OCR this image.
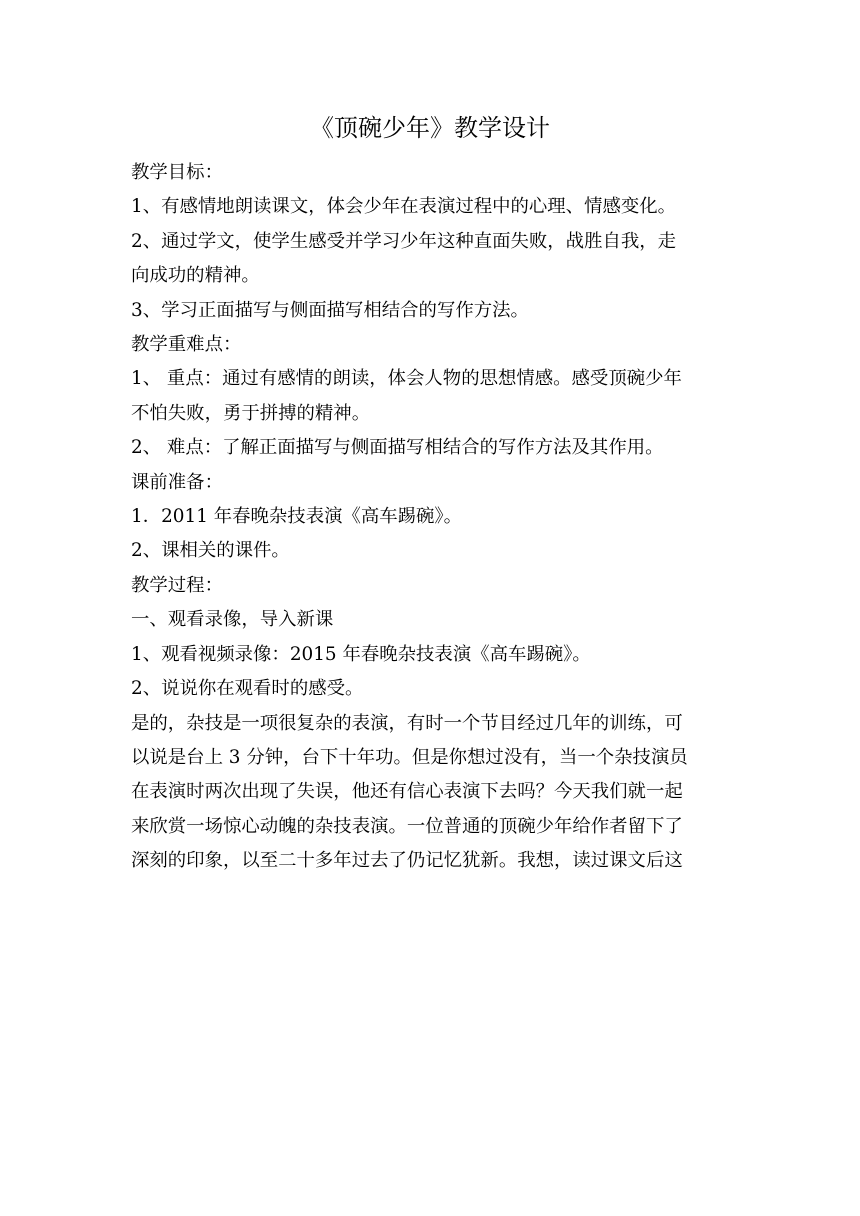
《顶碗少年》教学设计

教学目标：

1、有感情地朗读课文，体会少年在表演过程中的心理、情感变化。

2、通过学文，使学生感受并学习少年这种直面失败，战胜自我，走

向成功的精神。

3、学习正面描写与侧面描写相结合的写作方法。

教学重难点：

1、 重点：通过有感情的朗读，体会人物的思想情感。感受顶碗少年

不怕失败，勇于拼搏的精神。

2、 难点：了解正面描写与侧面描写相结合的写作方法及其作用。

课前准备：

1．2011 年春晚杂技表演《高车踢碗》。

2、课相关的课件。

教学过程：

一、观看录像，导入新课

1、观看视频录像：2015 年春晚杂技表演《高车踢碗》。

2、说说你在观看时的感受。

是的，杂技是一项很复杂的表演，有时一个节目经过几年的训练，可

以说是台上 3 分钟，台下十年功。但是你想过没有，当一个杂技演员

在表演时两次出现了失误，他还有信心表演下去吗？今天我们就一起

来欣赏一场惊心动魄的杂技表演。一位普通的顶碗少年给作者留下了

深刻的印象，以至二十多年过去了仍记忆犹新。我想，读过课文后这
